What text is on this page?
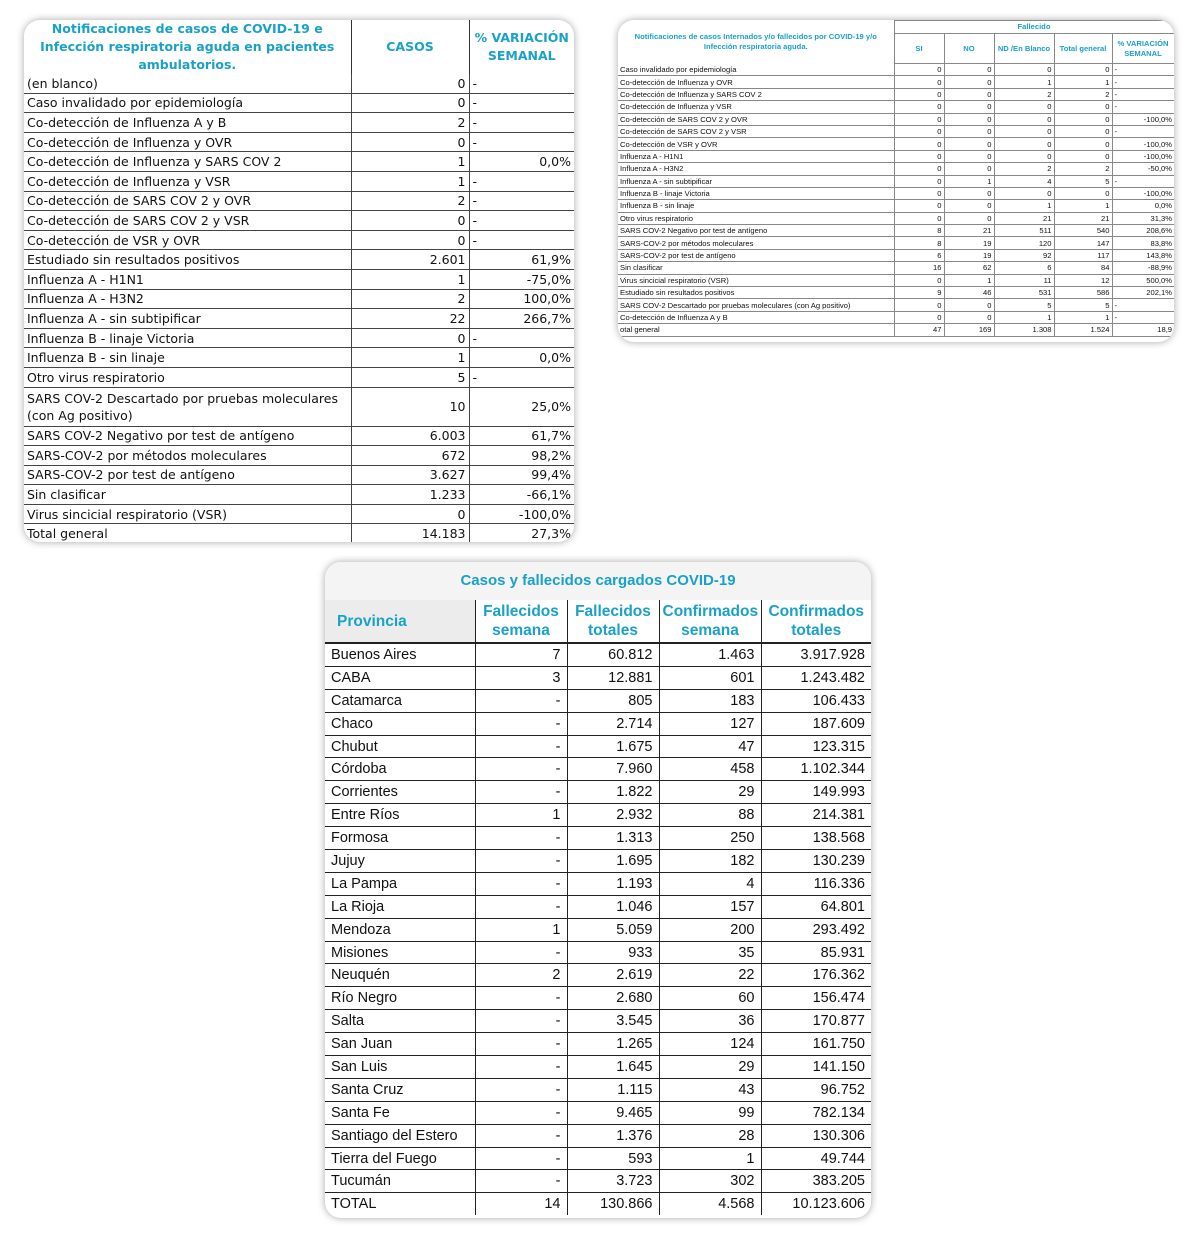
Notificaciones de casos de COVID-19 e Infección respiratoria aguda en pacientes ambulatorios.	CASOS	% VARIACIÓN SEMANAL
(en blanco)	0	-
Caso invalidado por epidemiología	0	-
Co-detección de Influenza A y B	2	-
Co-detección de Influenza y OVR	0	-
Co-detección de Influenza y SARS COV 2	1	0,0%
Co-detección de Influenza y VSR	1	-
Co-detección de SARS COV 2 y OVR	2	-
Co-detección de SARS COV 2 y VSR	0	-
Co-detección de VSR y OVR	0	-
Estudiado sin resultados positivos	2.601	61,9%
Influenza A - H1N1	1	-75,0%
Influenza A - H3N2	2	100,0%
Influenza A - sin subtipificar	22	266,7%
Influenza B - linaje Victoria	0	-
Influenza B - sin linaje	1	0,0%
Otro virus respiratorio	5	-
SARS COV-2 Descartado por pruebas moleculares (con Ag positivo)	10	25,0%
SARS COV-2 Negativo por test de antígeno	6.003	61,7%
SARS-COV-2 por métodos moleculares	672	98,2%
SARS-COV-2 por test de antígeno	3.627	99,4%
Sin clasificar	1.233	-66,1%
Virus sincicial respiratorio (VSR)	0	-100,0%
Total general	14.183	27,3%
Notificaciones de casos Internados y/o fallecidos por COVID-19 y/o Infección respiratoria aguda.	Fallecido				
	SI	NO	ND /En Blanco	Total general	% VARIACIÓN SEMANAL
Caso invalidado por epidemiología	0	0	0	0	-
Co-detección de Influenza y OVR	0	0	1	1	-
Co-detección de Influenza y SARS COV 2	0	0	2	2	-
Co-detección de Influenza y VSR	0	0	0	0	-
Co-detección de SARS COV 2 y OVR	0	0	0	0	-100,0%
Co-detección de SARS COV 2 y VSR	0	0	0	0	-
Co-detección de VSR y OVR	0	0	0	0	-100,0%
Influenza A - H1N1	0	0	0	0	-100,0%
Influenza A - H3N2	0	0	2	2	-50,0%
Influenza A - sin subtipificar	0	1	4	5	-
Influenza B - linaje Victoria	0	0	0	0	-100,0%
Influenza B - sin linaje	0	0	1	1	0,0%
Otro virus respiratorio	0	0	21	21	31,3%
SARS COV-2 Negativo por test de antígeno	8	21	511	540	208,6%
SARS-COV-2 por métodos moleculares	8	19	120	147	83,8%
SARS-COV-2 por test de antígeno	6	19	92	117	143,8%
Sin clasificar	16	62	6	84	-88,9%
Virus sincicial respiratorio (VSR)	0	1	11	12	500,0%
Estudiado sin resultados positivos	9	46	531	586	202,1%
SARS COV-2 Descartado por pruebas moleculares (con Ag positivo)	0	0	5	5	-
Co-detección de Influenza A y B	0	0	1	1	-
otal general	47	169	1.308	1.524	18,9
Casos y fallecidos cargados COVID-19
Provincia	Fallecidos semana	Fallecidos totales	Confirmados semana	Confirmados totales
Buenos Aires	7	60.812	1.463	3.917.928
CABA	3	12.881	601	1.243.482
Catamarca	-	805	183	106.433
Chaco	-	2.714	127	187.609
Chubut	-	1.675	47	123.315
Córdoba	-	7.960	458	1.102.344
Corrientes	-	1.822	29	149.993
Entre Ríos	1	2.932	88	214.381
Formosa	-	1.313	250	138.568
Jujuy	-	1.695	182	130.239
La Pampa	-	1.193	4	116.336
La Rioja	-	1.046	157	64.801
Mendoza	1	5.059	200	293.492
Misiones	-	933	35	85.931
Neuquén	2	2.619	22	176.362
Río Negro	-	2.680	60	156.474
Salta	-	3.545	36	170.877
San Juan	-	1.265	124	161.750
San Luis	-	1.645	29	141.150
Santa Cruz	-	1.115	43	96.752
Santa Fe	-	9.465	99	782.134
Santiago del Estero	-	1.376	28	130.306
Tierra del Fuego	-	593	1	49.744
Tucumán	-	3.723	302	383.205
TOTAL	14	130.866	4.568	10.123.606
